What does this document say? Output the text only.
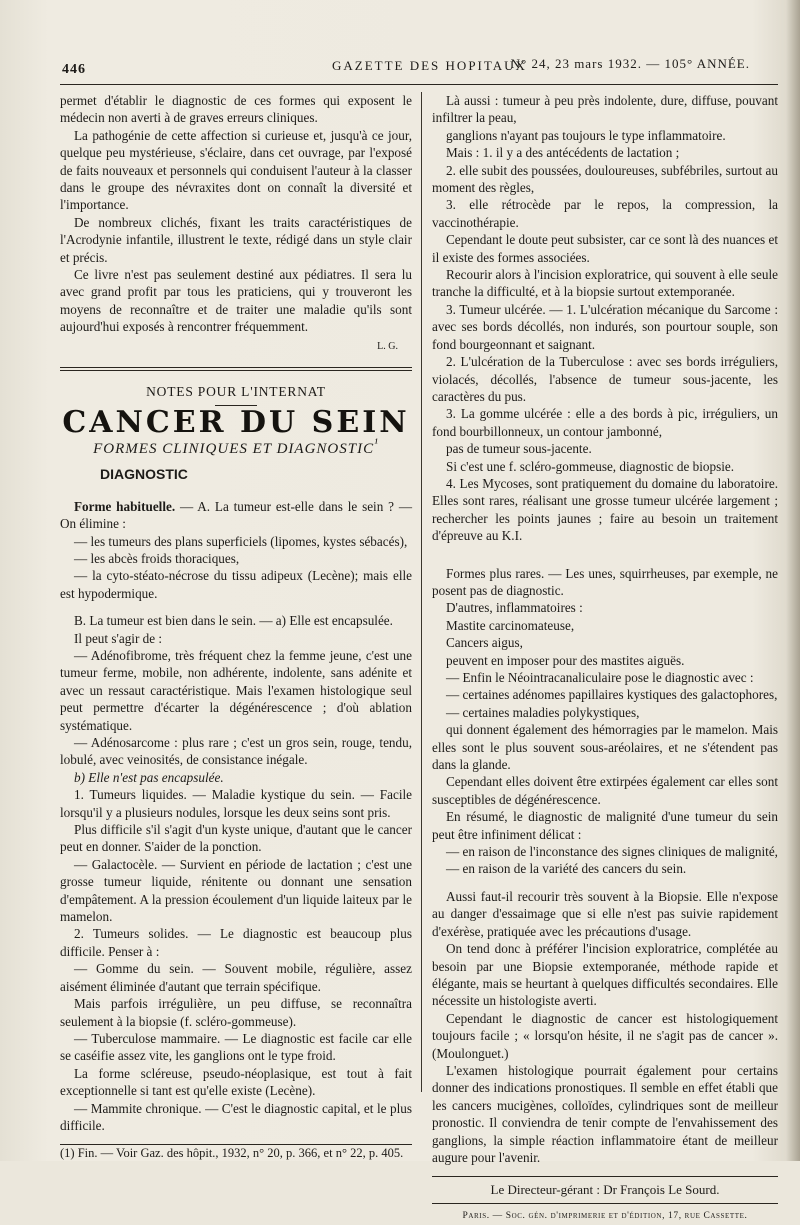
446	GAZETTE DES HOPITAUX
N° 24, 23 mars 1932. — 105° ANNÉE.

permet d'établir le diagnostic de ces formes qui exposent le médecin non averti à de graves erreurs cliniques.

La pathogénie de cette affection si curieuse et, jusqu'à ce jour, quelque peu mystérieuse, s'éclaire, dans cet ouvrage, par l'exposé de faits nouveaux et personnels qui conduisent l'auteur à la classer dans le groupe des névraxites dont on connaît la diversité et l'importance.

De nombreux clichés, fixant les traits caractéristiques de l'Acrodynie infantile, illustrent le texte, rédigé dans un style clair et précis.

Ce livre n'est pas seulement destiné aux pédiatres. Il sera lu avec grand profit par tous les praticiens, qui y trouveront les moyens de reconnaître et de traiter une maladie qu'ils sont aujourd'hui exposés à rencontrer fréquemment.

L. G.
NOTES POUR L'INTERNAT
CANCER DU SEIN
FORMES CLINIQUES ET $DIAGNOSTIC^{^1}$
DIAGNOSTIC

Forme habituelle. — A. La tumeur est-elle dans le sein ? — On élimine :

— les tumeurs des plans superficiels (lipomes, kystes sébacés),

— les abcès froids thoraciques,

— la cyto-stéato-nécrose du tissu adipeux (Lecène); mais elle est hypodermique.

B. La tumeur est bien dans le sein. — a) Elle est encapsulée.

Il peut s'agir de :

— Adénofibrome, très fréquent chez la femme jeune, c'est une tumeur ferme, mobile, non adhérente, indolente, sans adénite et avec un ressaut caractéristique. Mais l'examen histologique seul peut permettre d'écarter la dégénérescence ; d'où ablation systématique.

— Adénosarcome : plus rare ; c'est un gros sein, rouge, tendu, lobulé, avec veinosités, de consistance inégale.

b) Elle n'est pas encapsulée.

1. Tumeurs liquides. — Maladie kystique du sein. — Facile lorsqu'il y a plusieurs nodules, lorsque les deux seins sont pris.

Plus difficile s'il s'agit d'un kyste unique, d'autant que le cancer peut en donner. S'aider de la ponction.

— Galactocèle. — Survient en période de lactation ; c'est une grosse tumeur liquide, rénitente ou donnant une sensation d'empâtement. A la pression écoulement d'un liquide laiteux par le mamelon.

2. Tumeurs solides. — Le diagnostic est beaucoup plus difficile. Penser à :

— Gomme du sein. — Souvent mobile, régulière, assez aisément éliminée d'autant que terrain spécifique.

Mais parfois irrégulière, un peu diffuse, se reconnaîtra seulement à la biopsie (f. scléro-gommeuse).

— Tuberculose mammaire. — Le diagnostic est facile car elle se caséifie assez vite, les ganglions ont le type froid.

La forme scléreuse, pseudo-néoplasique, est tout à fait exceptionnelle si tant est qu'elle existe (Lecène).

— Mammite chronique. — C'est le diagnostic capital, et le plus difficile.

(1) Fin. — Voir Gaz. des hôpit., 1932, n° 20, p. 366, et n° 22, p. 405.

Là aussi : tumeur à peu près indolente, dure, diffuse, pouvant infiltrer la peau,

ganglions n'ayant pas toujours le type inflammatoire.

Mais : 1. il y a des antécédents de lactation ;

2. elle subit des poussées, douloureuses, subfébriles, surtout au moment des règles,

3. elle rétrocède par le repos, la compression, la vaccinothérapie.

Cependant le doute peut subsister, car ce sont là des nuances et il existe des formes associées.

Recourir alors à l'incision exploratrice, qui souvent à elle seule tranche la difficulté, et à la biopsie surtout extemporanée.

3. Tumeur ulcérée. — 1. L'ulcération mécanique du Sarcome : avec ses bords décollés, non indurés, son pourtour souple, son fond bourgeonnant et saignant.

2. L'ulcération de la Tuberculose : avec ses bords irréguliers, violacés, décollés, l'absence de tumeur sous-jacente, les caractères du pus.

3. La gomme ulcérée : elle a des bords à pic, irréguliers, un fond bourbillonneux, un contour jambonné,

pas de tumeur sous-jacente.

Si c'est une f. scléro-gommeuse, diagnostic de biopsie.

4. Les Mycoses, sont pratiquement du domaine du laboratoire. Elles sont rares, réalisant une grosse tumeur ulcérée largement ; rechercher les points jaunes ; faire au besoin un traitement d'épreuve au K.I.

Formes plus rares. — Les unes, squirrheuses, par exemple, ne posent pas de diagnostic.

D'autres, inflammatoires :

Mastite carcinomateuse,

Cancers aigus,

peuvent en imposer pour des mastites aiguës.

— Enfin le Néointracanaliculaire pose le diagnostic avec :

— certaines adénomes papillaires kystiques des galactophores,

— certaines maladies polykystiques,

qui donnent également des hémorragies par le mamelon. Mais elles sont le plus souvent sous-aréolaires, et ne s'étendent pas dans la glande.

Cependant elles doivent être extirpées également car elles sont susceptibles de dégénérescence.

En résumé, le diagnostic de malignité d'une tumeur du sein peut être infiniment délicat :

— en raison de l'inconstance des signes cliniques de malignité,

— en raison de la variété des cancers du sein.

Aussi faut-il recourir très souvent à la Biopsie. Elle n'expose au danger d'essaimage que si elle n'est pas suivie rapidement d'exérèse, pratiquée avec les précautions d'usage.

On tend donc à préférer l'incision exploratrice, complétée au besoin par une Biopsie extemporanée, méthode rapide et élégante, mais se heurtant à quelques difficultés secondaires. Elle nécessite un histologiste averti.

Cependant le diagnostic de cancer est histologiquement toujours facile ; « lorsqu'on hésite, il ne s'agit pas de cancer ». (Moulonguet.)

L'examen histologique pourrait également pour certains donner des indications pronostiques. Il semble en effet établi que les cancers mucigènes, colloïdes, cylindriques sont de meilleur pronostic. Il conviendra de tenir compte de l'envahissement des ganglions, la simple réaction inflammatoire étant de meilleur augure pour l'avenir.

Le Directeur-gérant : Dr François Le Sourd.
Paris. — Soc. gén. d'imprimerie et d'édition, 17, rue Cassette.
